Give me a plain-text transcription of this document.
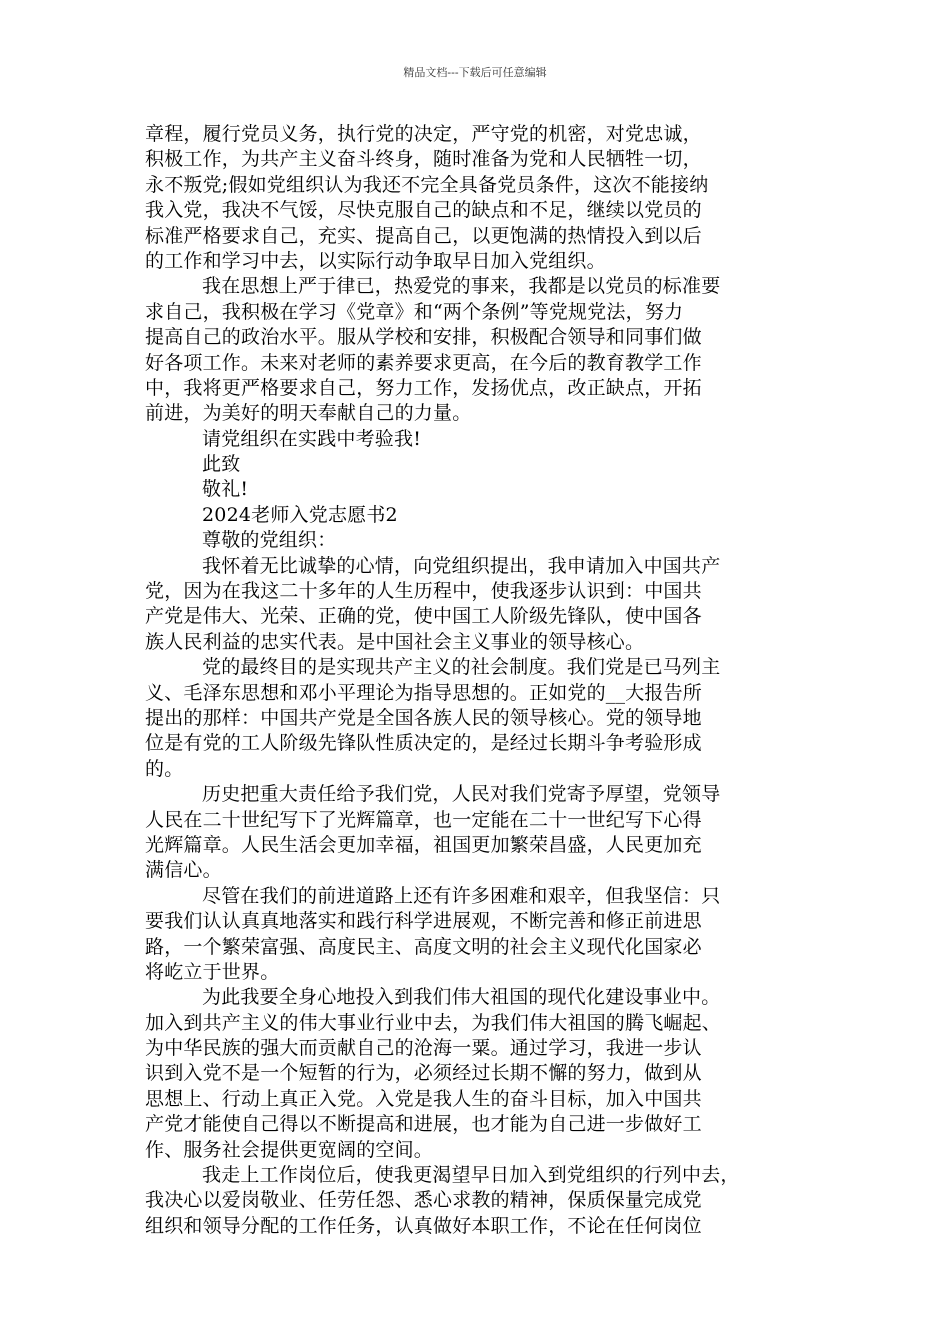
精品文档---下载后可任意编辑
章程，履行党员义务，执行党的决定，严守党的机密，对党忠诚，
积极工作，为共产主义奋斗终身，随时准备为党和人民牺牲一切，
永不叛党;假如党组织认为我还不完全具备党员条件，这次不能接纳
我入党，我决不气馁，尽快克服自己的缺点和不足，继续以党员的
标准严格要求自己，充实、提高自己，以更饱满的热情投入到以后
的工作和学习中去，以实际行动争取早日加入党组织。
我在思想上严于律已，热爱党的事来，我都是以党员的标准要
求自己，我积极在学习《党章》和“两个条例”等党规党法，努力
提高自己的政治水平。服从学校和安排，积极配合领导和同事们做
好各项工作。未来对老师的素养要求更高，在今后的教育教学工作
中，我将更严格要求自己，努力工作，发扬优点，改正缺点，开拓
前进，为美好的明天奉献自己的力量。
请党组织在实践中考验我!
此致
敬礼!
2024老师入党志愿书2
尊敬的党组织：
我怀着无比诚挚的心情，向党组织提出，我申请加入中国共产
党，因为在我这二十多年的人生历程中，使我逐步认识到：中国共
产党是伟大、光荣、正确的党，使中国工人阶级先锋队，使中国各
族人民利益的忠实代表。是中国社会主义事业的领导核心。
党的最终目的是实现共产主义的社会制度。我们党是已马列主
义、毛泽东思想和邓小平理论为指导思想的。正如党的__大报告所
提出的那样：中国共产党是全国各族人民的领导核心。党的领导地
位是有党的工人阶级先锋队性质决定的，是经过长期斗争考验形成
的。
历史把重大责任给予我们党，人民对我们党寄予厚望，党领导
人民在二十世纪写下了光辉篇章，也一定能在二十一世纪写下心得
光辉篇章。人民生活会更加幸福，祖国更加繁荣昌盛，人民更加充
满信心。
尽管在我们的前进道路上还有许多困难和艰辛，但我坚信：只
要我们认认真真地落实和践行科学进展观，不断完善和修正前进思
路，一个繁荣富强、高度民主、高度文明的社会主义现代化国家必
将屹立于世界。
为此我要全身心地投入到我们伟大祖国的现代化建设事业中。
加入到共产主义的伟大事业行业中去，为我们伟大祖国的腾飞崛起、
为中华民族的强大而贡献自己的沧海一粟。通过学习，我进一步认
识到入党不是一个短暂的行为，必须经过长期不懈的努力，做到从
思想上、行动上真正入党。入党是我人生的奋斗目标，加入中国共
产党才能使自己得以不断提高和进展，也才能为自己进一步做好工
作、服务社会提供更宽阔的空间。
我走上工作岗位后，使我更渴望早日加入到党组织的行列中去，
我决心以爱岗敬业、任劳任怨、悉心求教的精神，保质保量完成党
组织和领导分配的工作任务，认真做好本职工作，不论在任何岗位
